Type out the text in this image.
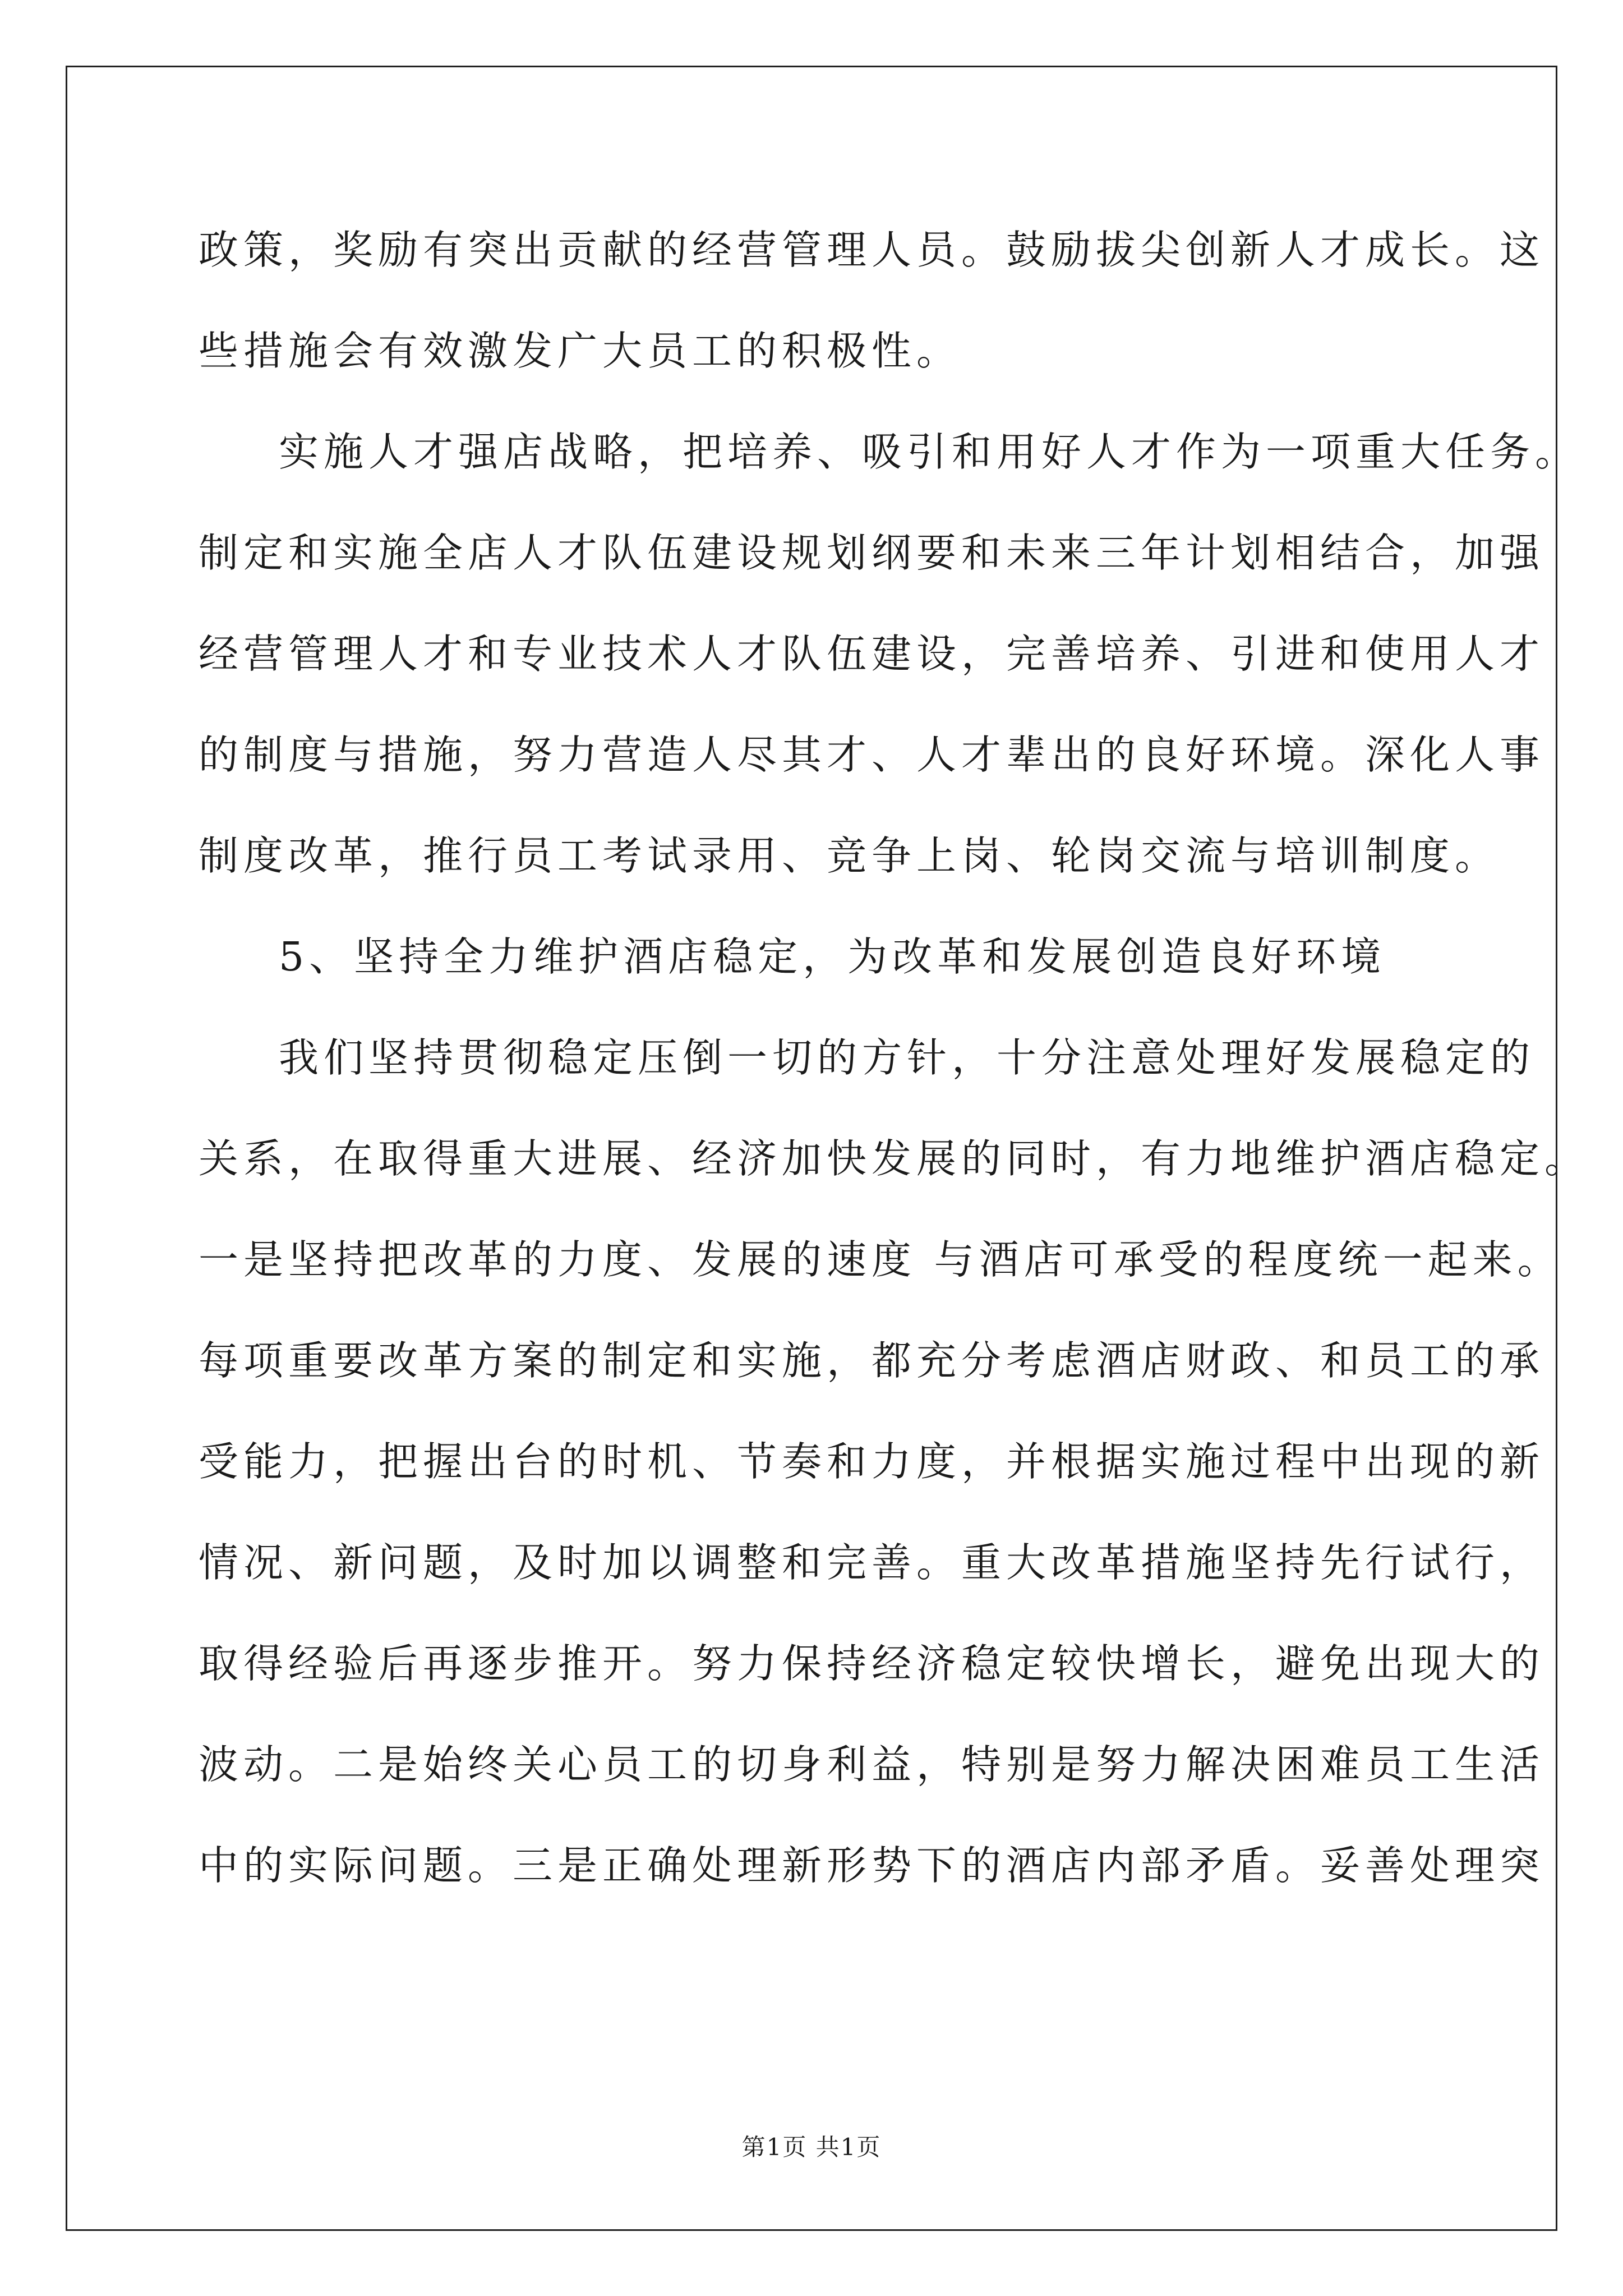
政策，奖励有突出贡献的经营管理人员。鼓励拔尖创新人才成长。这
些措施会有效激发广大员工的积极性。
实施人才强店战略，把培养、吸引和用好人才作为一项重大任务。
制定和实施全店人才队伍建设规划纲要和未来三年计划相结合，加强
经营管理人才和专业技术人才队伍建设，完善培养、引进和使用人才
的制度与措施，努力营造人尽其才、人才辈出的良好环境。深化人事
制度改革，推行员工考试录用、竞争上岗、轮岗交流与培训制度。
5、坚持全力维护酒店稳定，为改革和发展创造良好环境
我们坚持贯彻稳定压倒一切的方针，十分注意处理好发展稳定的
关系，在取得重大进展、经济加快发展的同时，有力地维护酒店稳定。
一是坚持把改革的力度、发展的速度 与酒店可承受的程度统一起来。
每项重要改革方案的制定和实施，都充分考虑酒店财政、和员工的承
受能力，把握出台的时机、节奏和力度，并根据实施过程中出现的新
情况、新问题，及时加以调整和完善。重大改革措施坚持先行试行，
取得经验后再逐步推开。努力保持经济稳定较快增长，避免出现大的
波动。二是始终关心员工的切身利益，特别是努力解决困难员工生活
中的实际问题。三是正确处理新形势下的酒店内部矛盾。妥善处理突
第1页 共1页
